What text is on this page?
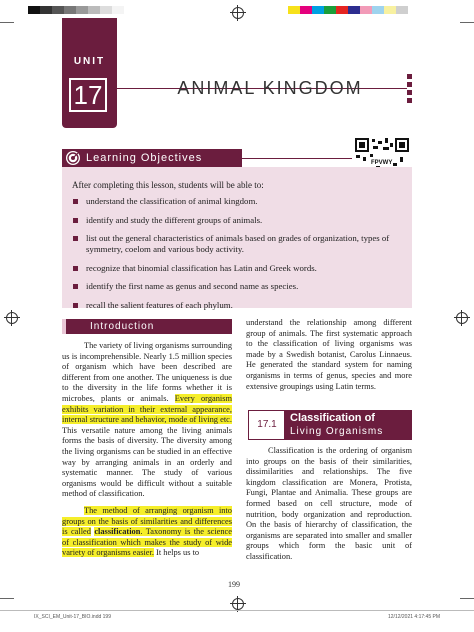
UNIT
17	ANIMAL KINGDOM
Learning Objectives	FPVWY
After completing this lesson, students will be able to:
understand the classification of animal kingdom.
identify and study the different groups of animals.
list out the general characteristics of animals based on grades of organization, types of symmetry, coelom and various body activity.
recognize that binomial classification has Latin and Greek words.
identify the first name as genus and second name as species.
recall the salient features of each phylum.
Introduction

The variety of living organisms surrounding us is incomprehensible. Nearly 1.5 million species of organism which have been described are different from one another. The uniqueness is due to the diversity in the life forms whether it is microbes, plants or animals. Every organism exhibits variation in their external appearance, internal structure and behavior, mode of living etc. This versatile nature among the living animals forms the basis of diversity. The diversity among the living organisms can be studied in an effective way by arranging animals in an orderly and systematic manner. The study of various organisms would be difficult without a suitable method of classification.

The method of arranging organism into groups on the basis of similarities and differences is called classification. Taxonomy is the science of classification which makes the study of wide variety of organisms easier. It helps us to

understand the relationship among different group of animals. The first systematic approach to the classification of living organisms was made by a Swedish botanist, Carolus Linnaeus. He generated the standard system for naming organisms in terms of genus, species and more extensive groupings using Latin terms.

17.1
Classification of
Living Organisms

Classification is the ordering of organism into groups on the basis of their similarities, dissimilarities and relationships. The five kingdom classification are Monera, Protista, Fungi, Plantae and Animalia. These groups are formed based on cell structure, mode of nutrition, body organization and reproduction. On the basis of hierarchy of classification, the organisms are separated into smaller and smaller groups which form the basic unit of classification.

199
IX_SCI_EM_Unit-17_BIO.indd 199	12/12/2021 4:17:45 PM
